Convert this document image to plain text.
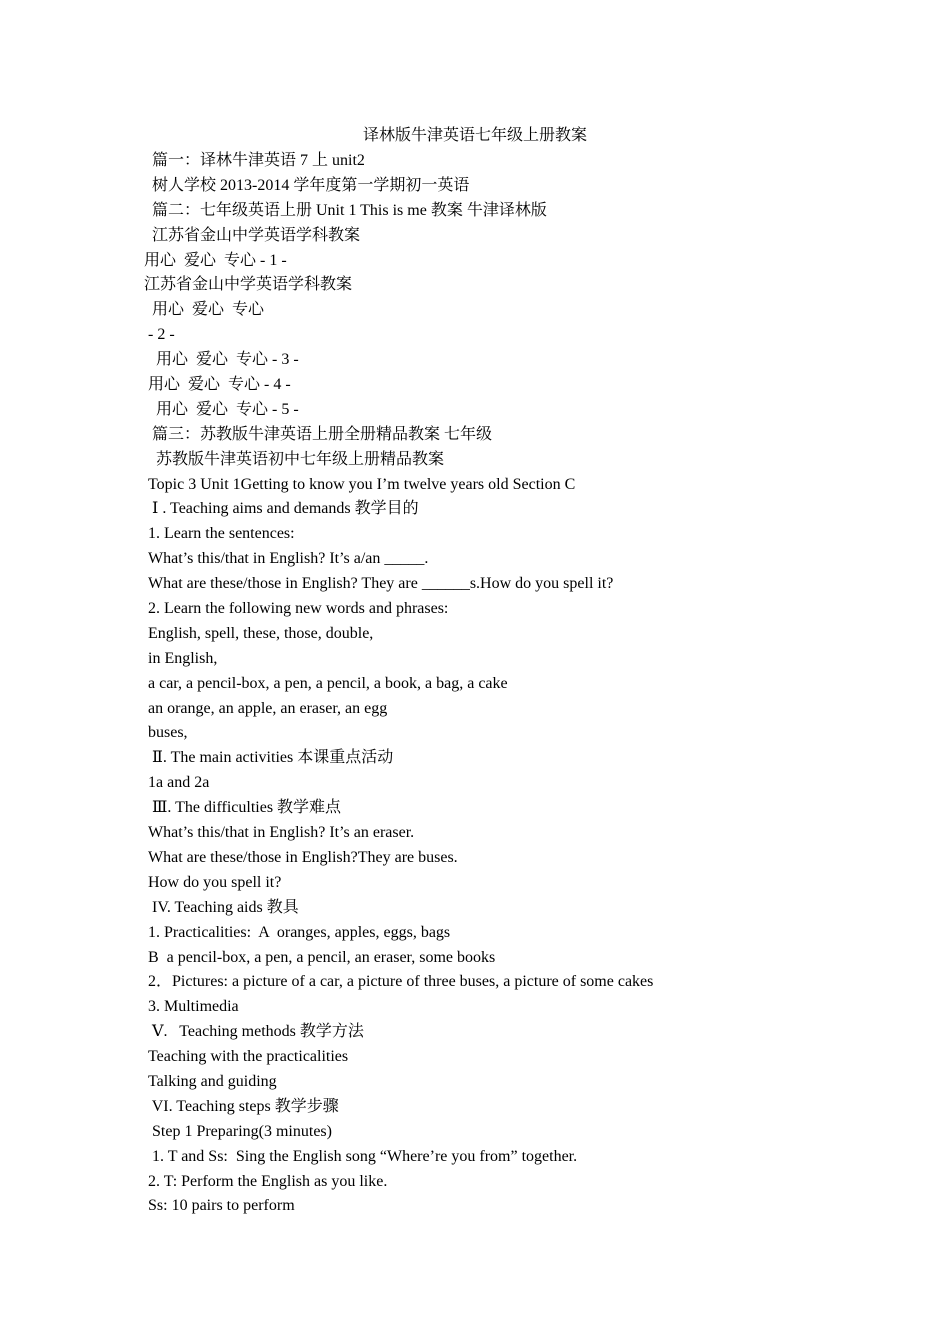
译林版牛津英语七年级上册教案
篇一：译林牛津英语 7 上 unit2
树人学校 2013-2014 学年度第一学期初一英语
篇二：七年级英语上册 Unit 1 This is me 教案 牛津译林版
江苏省金山中学英语学科教案
用心  爱心  专心 - 1 -
江苏省金山中学英语学科教案
用心  爱心  专心
- 2 -
用心  爱心  专心 - 3 -
用心  爱心  专心 - 4 -
用心  爱心  专心 - 5 -
篇三：苏教版牛津英语上册全册精品教案 七年级
苏教版牛津英语初中七年级上册精品教案
Topic 3 Unit 1Getting to know you I’m twelve years old Section C
Ⅰ . Teaching aims and demands 教学目的
1. Learn the sentences:
What’s this/that in English? It’s a/an _____.
What are these/those in English? They are ______s.How do you spell it?
2. Learn the following new words and phrases:
English, spell, these, those, double,
in English,
a car, a pencil-box, a pen, a pencil, a book, a bag, a cake
an orange, an apple, an eraser, an egg
buses,
Ⅱ. The main activities 本课重点活动
1a and 2a
Ⅲ. The difficulties 教学难点
What’s this/that in English? It’s an eraser.
What are these/those in English?They are buses.
How do you spell it?
IV. Teaching aids 教具
1. Practicalities:  A  oranges, apples, eggs, bags
B  a pencil-box, a pen, a pencil, an eraser, some books
2．Pictures: a picture of a car, a picture of three buses, a picture of some cakes
3. Multimedia
Ⅴ.   Teaching methods 教学方法
Teaching with the practicalities
Talking and guiding
VI. Teaching steps 教学步骤
Step 1 Preparing(3 minutes)
1. T and Ss:  Sing the English song “Where’re you from” together.
2. T: Perform the English as you like.
Ss: 10 pairs to perform
